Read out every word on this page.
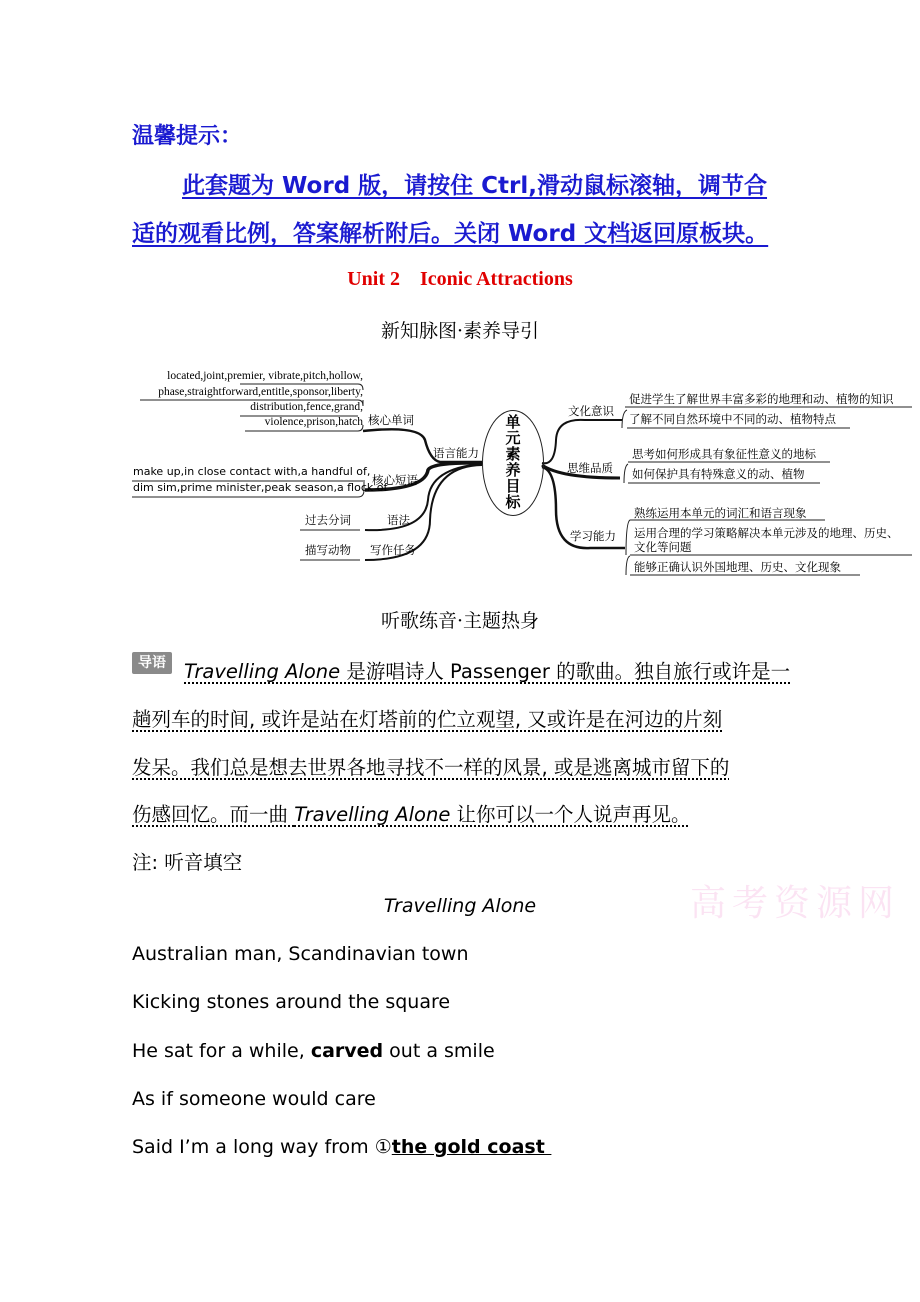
温馨提示：
此套题为 Word 版，请按住 Ctrl,滑动鼠标滚轴，调节合
适的观看比例，答案解析附后。关闭 Word 文档返回原板块。
Unit 2    Iconic Attractions
新知脉图·素养导引
单元素养目标
located,joint,premier, vibrate,pitch,hollow,
phase,straightforward,entitle,sponsor,liberty,
distribution,fence,grand,
violence,prison,hatch 核心单词
语言能力
make up,in close contact with,a handful of,
dim sim,prime minister,peak season,a flock of
核心短语
过去分词	语法
描写动物 写作任务
文化意识
促进学生了解世界丰富多彩的地理和动、植物的知识
了解不同自然环境中不同的动、植物特点
思维品质
思考如何形成具有象征性意义的地标
如何保护具有特殊意义的动、植物
学习能力
熟练运用本单元的词汇和语言现象
运用合理的学习策略解决本单元涉及的地理、历史、
文化等问题
能够正确认识外国地理、历史、文化现象
听歌练音·主题热身
导语 Travelling Alone 是游唱诗人 Passenger 的歌曲。独自旅行或许是一
趟列车的时间, 或许是站在灯塔前的伫立观望, 又或许是在河边的片刻
发呆。我们总是想去世界各地寻找不一样的风景, 或是逃离城市留下的
伤感回忆。而一曲 Travelling Alone 让你可以一个人说声再见。
注: 听音填空
高考资源网
Travelling Alone
Australian man, Scandinavian town
Kicking stones around the square
He sat for a while, carved out a smile
As if someone would care
Said I’m a long way from ①the gold coast
